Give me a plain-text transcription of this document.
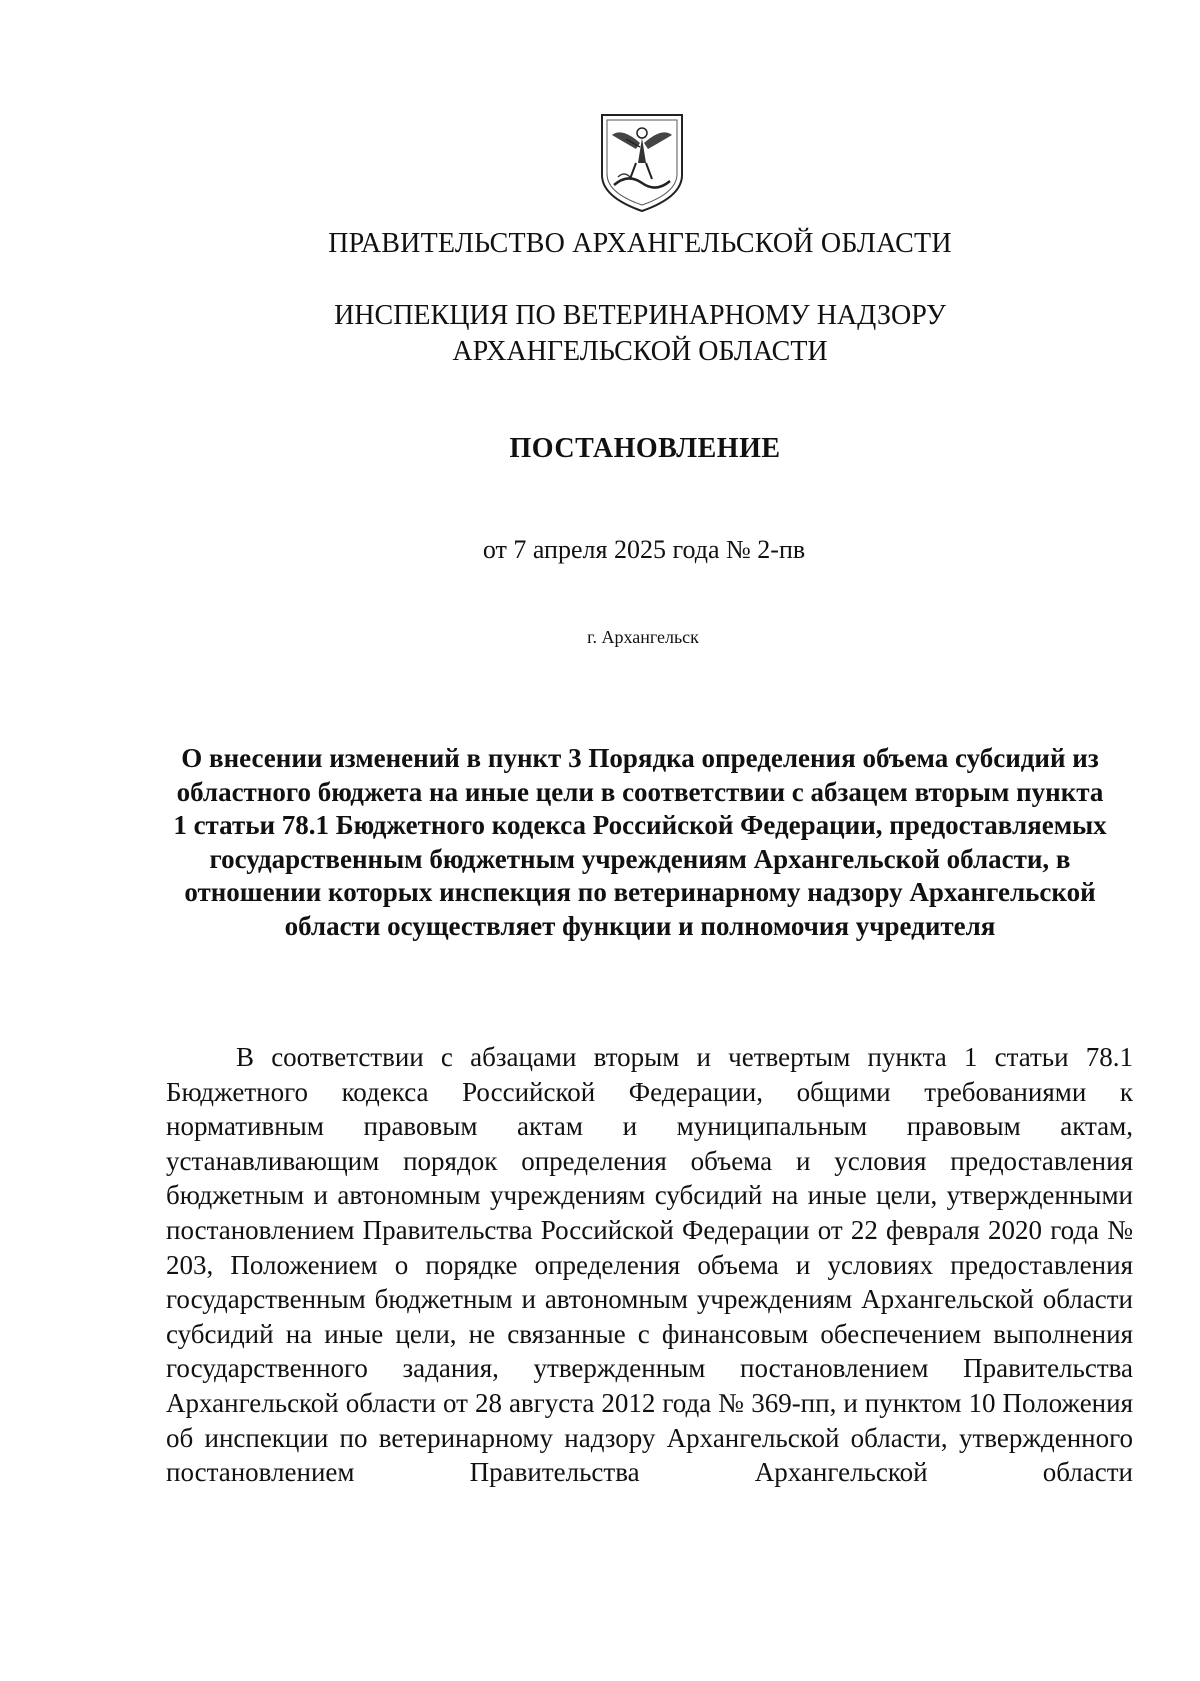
ПРАВИТЕЛЬСТВО АРХАНГЕЛЬСКОЙ ОБЛАСТИ
ИНСПЕКЦИЯ ПО ВЕТЕРИНАРНОМУ НАДЗОРУ
АРХАНГЕЛЬСКОЙ ОБЛАСТИ
ПОСТАНОВЛЕНИЕ
от 7 апреля 2025 года № 2-пв
г. Архангельск
О внесении изменений в пункт 3 Порядка определения объема субсидий из областного бюджета на иные цели в соответствии с абзацем вторым пункта 1 статьи 78.1 Бюджетного кодекса Российской Федерации, предоставляемых государственным бюджетным учреждениям Архангельской области, в отношении которых инспекция по ветеринарному надзору Архангельской области осуществляет функции и полномочия учредителя

В соответствии с абзацами вторым и четвертым пункта 1 статьи 78.1 Бюджетного кодекса Российской Федерации, общими требованиями к нормативным правовым актам и муниципальным правовым актам, устанавливающим порядок определения объема и условия предоставления бюджетным и автономным учреждениям субсидий на иные цели, утвержденными постановлением Правительства Российской Федерации от 22 февраля 2020 года № 203, Положением о порядке определения объема и условиях предоставления государственным бюджетным и автономным учреждениям Архангельской области субсидий на иные цели, не связанные с финансовым обеспечением выполнения государственного задания, утвержденным постановлением Правительства Архангельской области от 28 августа 2012 года № 369-пп, и пунктом 10 Положения об инспекции по ветеринарному надзору Архангельской области, утвержденного постановлением Правительства Архангельской области
